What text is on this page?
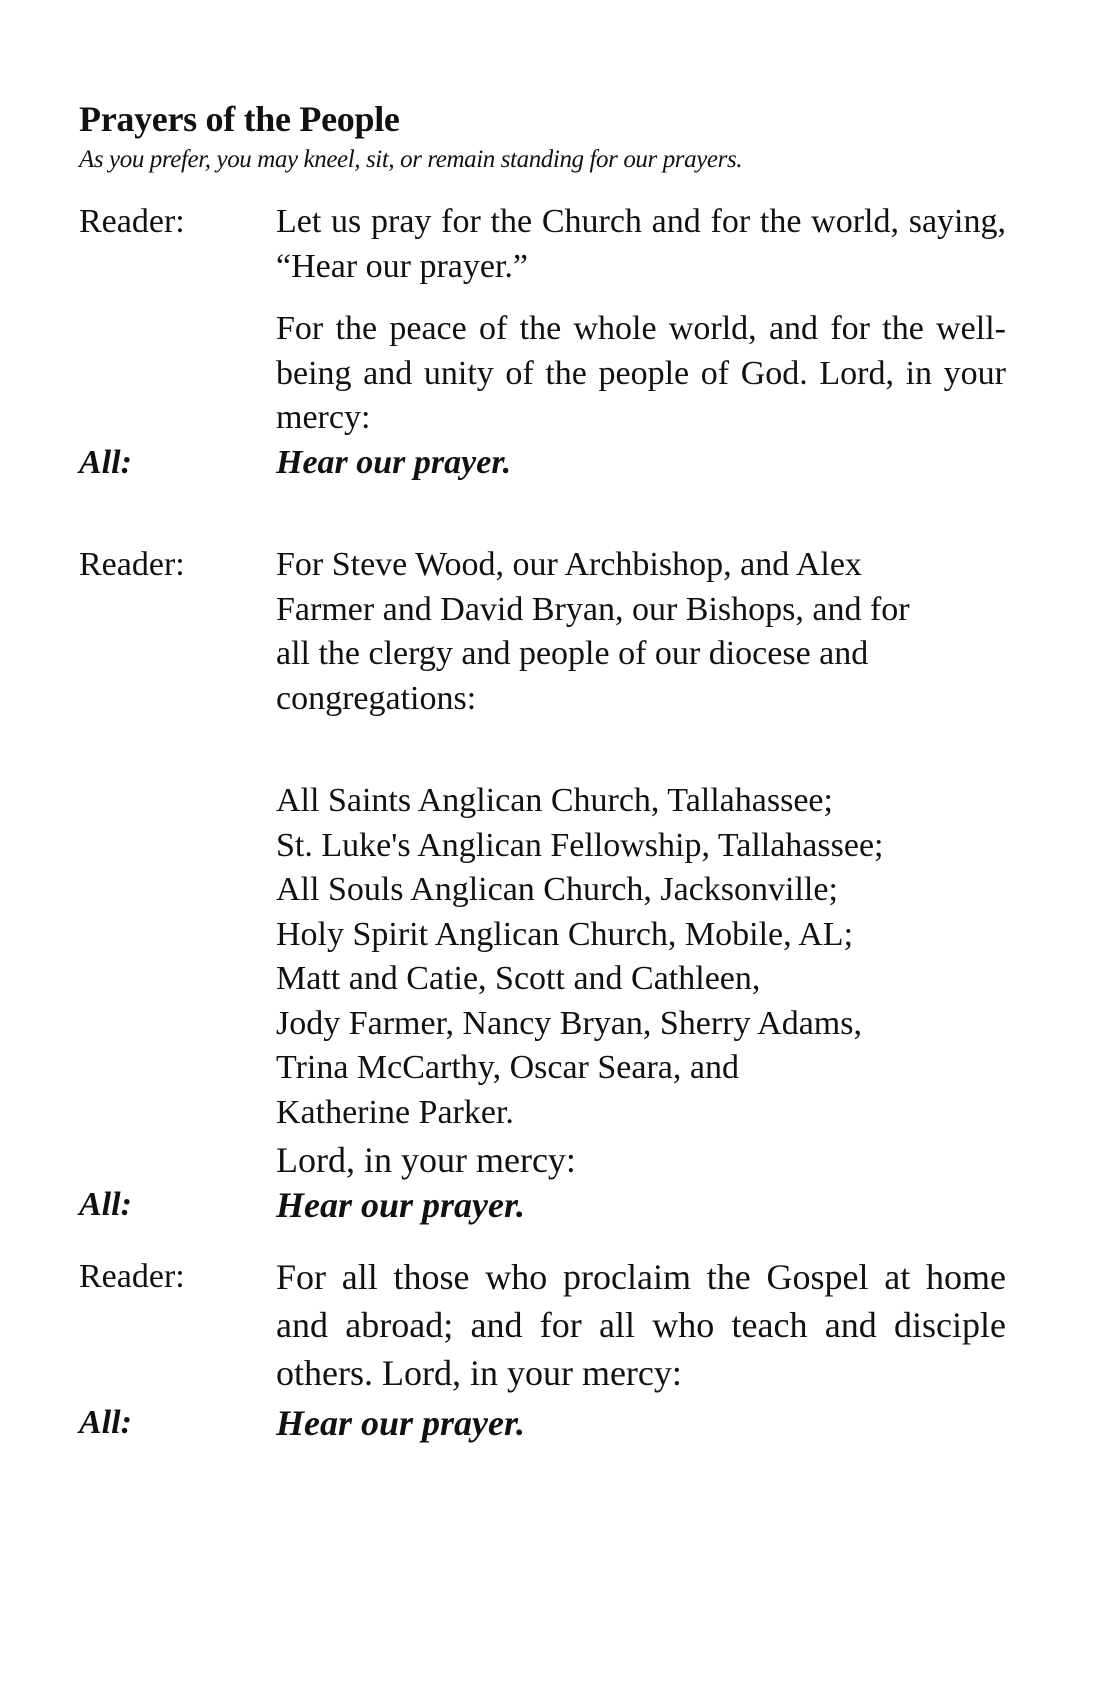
Prayers of the People

As you prefer, you may kneel, sit, or remain standing for our prayers.

Reader:	Let us pray for the Church and for the world, saying, “Hear our prayer.”
For the peace of the whole world, and for the well-being and unity of the people of God. Lord, in your mercy:
All:	Hear our prayer.
Reader:	For Steve Wood, our Archbishop, and Alex
Farmer and David Bryan, our Bishops, and for
all the clergy and people of our diocese and
congregations:
All Saints Anglican Church, Tallahassee;
St. Luke's Anglican Fellowship, Tallahassee;
All Souls Anglican Church, Jacksonville;
Holy Spirit Anglican Church, Mobile, AL;
Matt and Catie, Scott and Cathleen,
Jody Farmer, Nancy Bryan, Sherry Adams,
Trina McCarthy, Oscar Seara, and
Katherine Parker.
Lord, in your mercy:
All:	Hear our prayer.
Reader:	For all those who proclaim the Gospel at home and abroad; and for all who teach and disciple others. Lord, in your mercy:
All:	Hear our prayer.
